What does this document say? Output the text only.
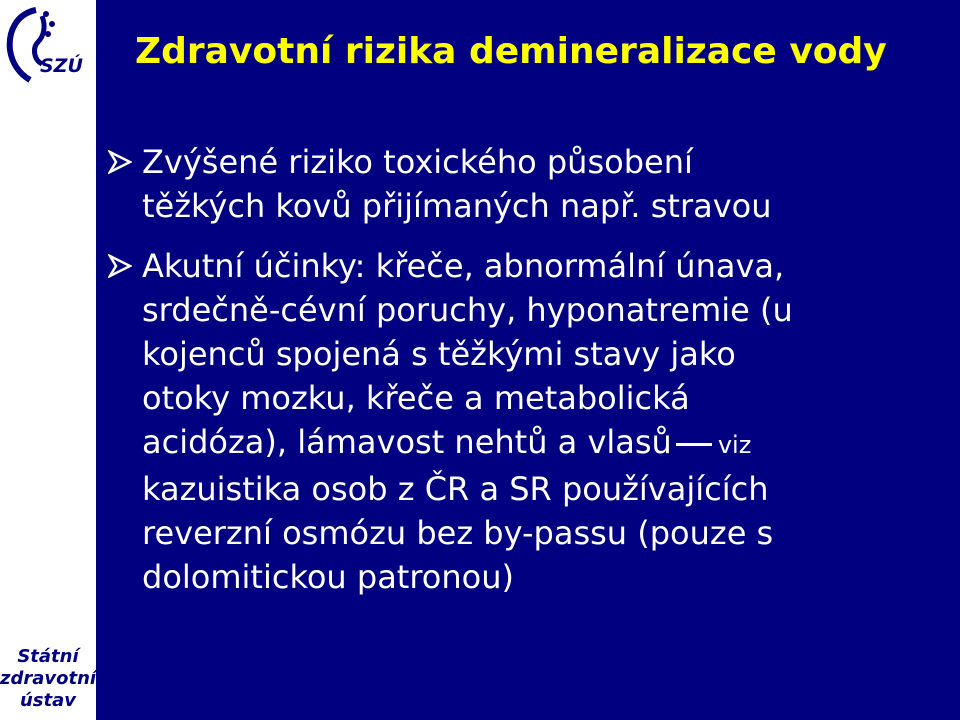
SZÚ
Státní
zdravotní
ústav
Zdravotní rizika demineralizace vody
Zvýšené riziko toxického působení
těžkých kovů přijímaných např. stravou
Akutní účinky: křeče, abnormální únava,
srdečně-cévní poruchy, hyponatremie (u
kojenců spojená s těžkými stavy jako
otoky mozku, křeče a metabolická
acidóza), lámavost nehtů a vlasů viz
kazuistika osob z ČR a SR používajících
reverzní osmózu bez by-passu (pouze s
dolomitickou patronou)
